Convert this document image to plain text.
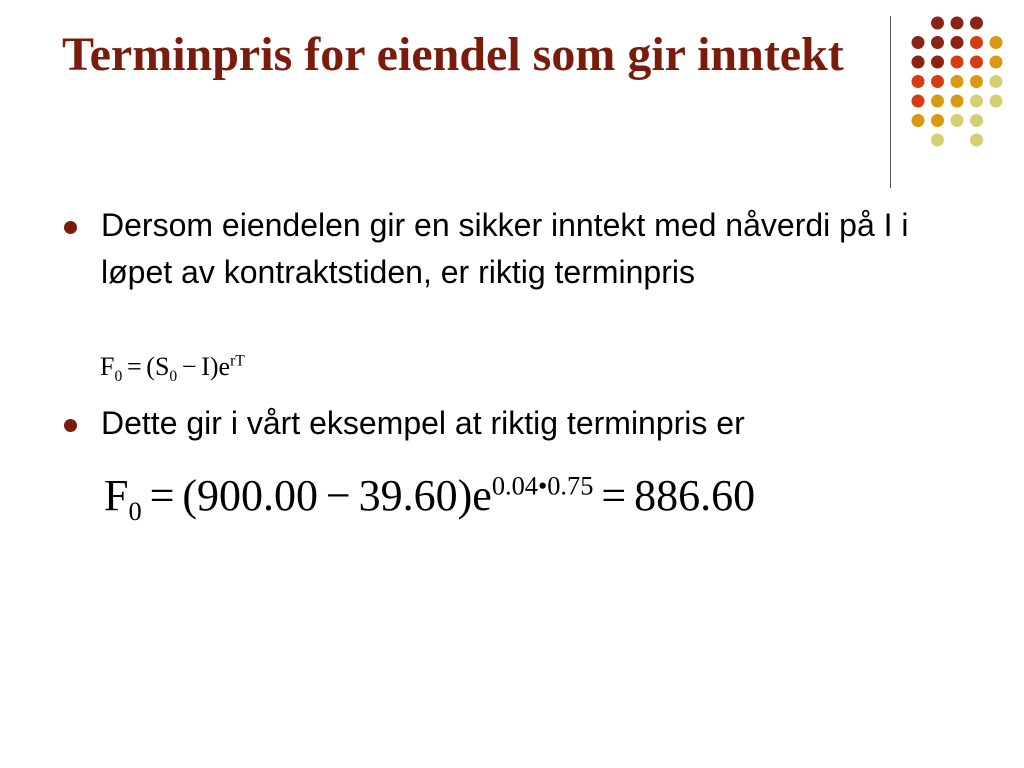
Terminpris for eiendel som gir inntekt
Dersom eiendelen gir en sikker inntekt med nåverdi på I i løpet av kontraktstiden, er riktig terminpris
$F_0 = (S_0 - I)e^{rT}$
Dette gir i vårt eksempel at riktig terminpris er
$F_0 = (900.00 - 39.60)e^{0.04•0.75} = 886.60$
